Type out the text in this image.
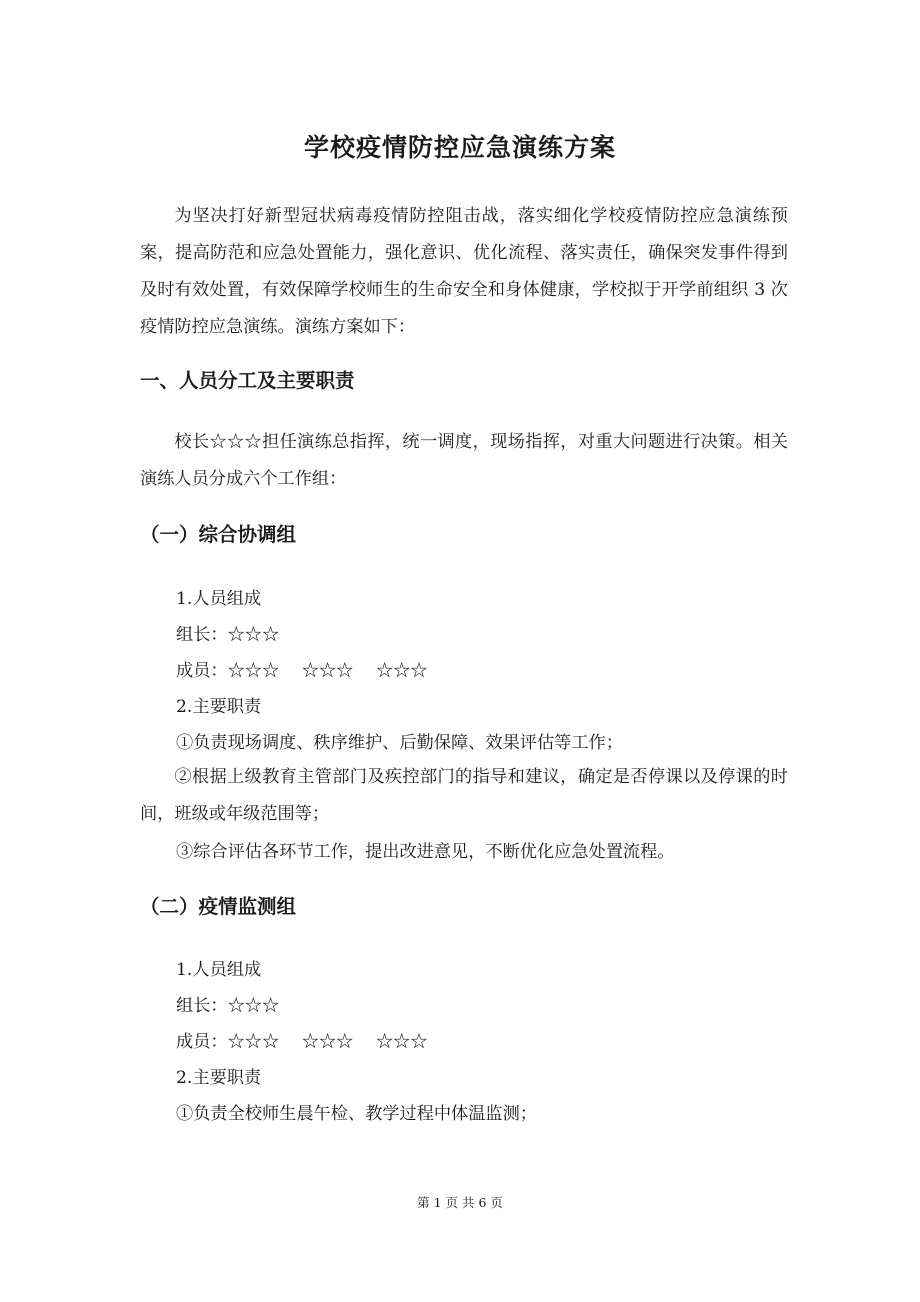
学校疫情防控应急演练方案

为坚决打好新型冠状病毒疫情防控阻击战，落实细化学校疫情防控应急演练预案，提高防范和应急处置能力，强化意识、优化流程、落实责任，确保突发事件得到及时有效处置，有效保障学校师生的生命安全和身体健康，学校拟于开学前组织 3 次疫情防控应急演练。演练方案如下：

一、人员分工及主要职责

校长☆☆☆担任演练总指挥，统一调度，现场指挥，对重大问题进行决策。相关演练人员分成六个工作组：

（一）综合协调组

1.人员组成

组长：☆☆☆

成员：☆☆☆　 ☆☆☆　 ☆☆☆

2.主要职责

①负责现场调度、秩序维护、后勤保障、效果评估等工作；

②根据上级教育主管部门及疾控部门的指导和建议，确定是否停课以及停课的时间，班级或年级范围等；

③综合评估各环节工作，提出改进意见，不断优化应急处置流程。

（二）疫情监测组

1.人员组成

组长：☆☆☆

成员：☆☆☆　 ☆☆☆　 ☆☆☆

2.主要职责

①负责全校师生晨午检、教学过程中体温监测；

第 1 页 共 6 页
